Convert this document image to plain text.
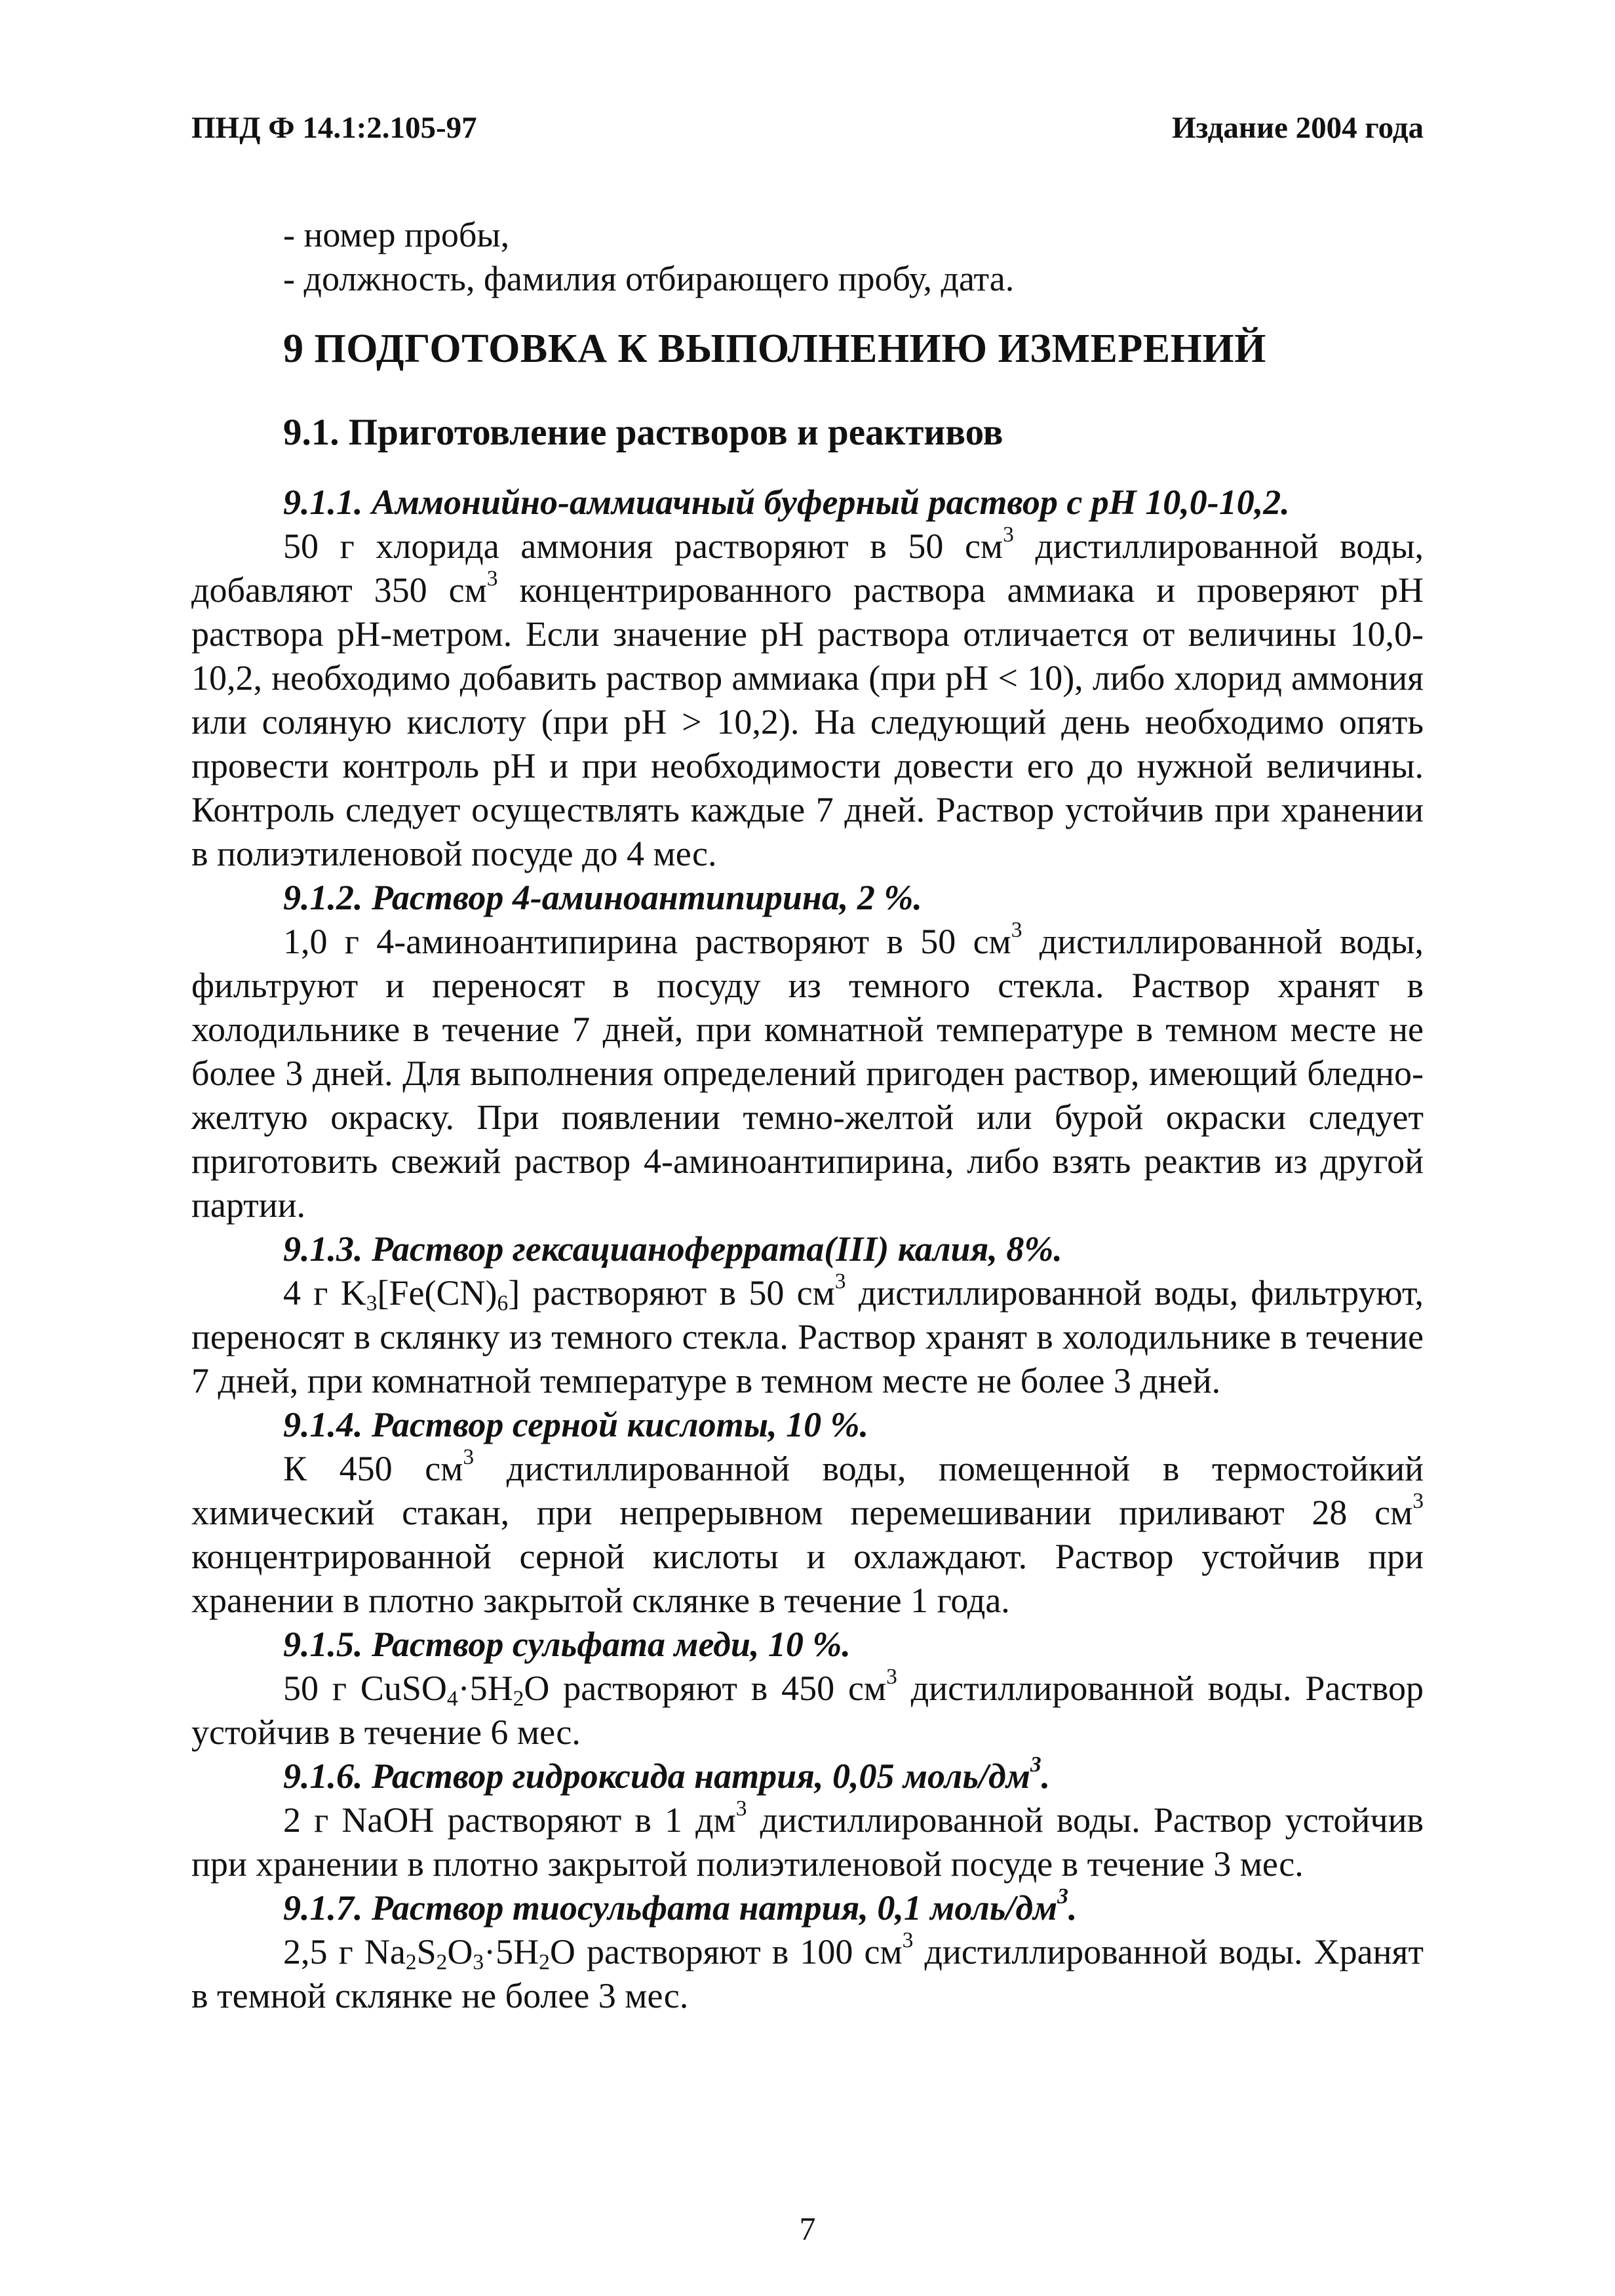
ПНД Ф 14.1:2.105-97	Издание 2004 года

- номер пробы,

- должность, фамилия отбирающего пробу, дата.

9 ПОДГОТОВКА К ВЫПОЛНЕНИЮ ИЗМЕРЕНИЙ

9.1. Приготовление растворов и реактивов

9.1.1. Аммонийно-аммиачный буферный раствор с pH 10,0-10,2.

50 г хлорида аммония растворяют в 50 $см^3$ дистиллированной воды, добавляют 350 $см^3$ концентрированного раствора аммиака и проверяют pH раствора pH-метром. Если значение pH раствора отличается от величины 10,0-10,2, необходимо добавить раствор аммиака (при pH < 10), либо хлорид аммония или соляную кислоту (при pH > 10,2). На следующий день необходимо опять провести контроль pH и при необходимости довести его до нужной величины. Контроль следует осуществлять каждые 7 дней. Раствор устойчив при хранении в полиэтиленовой посуде до 4 мес.

9.1.2. Раствор 4-аминоантипирина, 2 %.

1,0 г 4-аминоантипирина растворяют в 50 $см^3$ дистиллированной воды, фильтруют и переносят в посуду из темного стекла. Раствор хранят в холодильнике в течение 7 дней, при комнатной температуре в темном месте не более 3 дней. Для выполнения определений пригоден раствор, имеющий бледно-желтую окраску. При появлении темно-желтой или бурой окраски следует приготовить свежий раствор 4-аминоантипирина, либо взять реактив из другой партии.

9.1.3. Раствор гексацианоферрата(III) калия, 8%.

4 г $K_3[Fe(CN)_6]$ растворяют в 50 $см^3$ дистиллированной воды, фильтруют, переносят в склянку из темного стекла. Раствор хранят в холодильнике в течение 7 дней, при комнатной температуре в темном месте не более 3 дней.

9.1.4. Раствор серной кислоты, 10 %.

К 450 $см^3$ дистиллированной воды, помещенной в термостойкий химический стакан, при непрерывном перемешивании приливают 28 $см^3$ концентрированной серной кислоты и охлаждают. Раствор устойчив при хранении в плотно закрытой склянке в течение 1 года.

9.1.5. Раствор сульфата меди, 10 %.

50 г $CuSO_4\cdot 5H_2O$ растворяют в 450 $см^3$ дистиллированной воды. Раствор устойчив в течение 6 мес.

9.1.6. Раствор гидроксида натрия, 0,05 моль/$дм^3$.

2 г NaOH растворяют в 1 $дм^3$ дистиллированной воды. Раствор устойчив при хранении в плотно закрытой полиэтиленовой посуде в течение 3 мес.

9.1.7. Раствор тиосульфата натрия, 0,1 моль/$дм^3$.

2,5 г $Na_2S_2O_3\cdot 5H_2O$ растворяют в 100 $см^3$ дистиллированной воды. Хранят в темной склянке не более 3 мес.

7
